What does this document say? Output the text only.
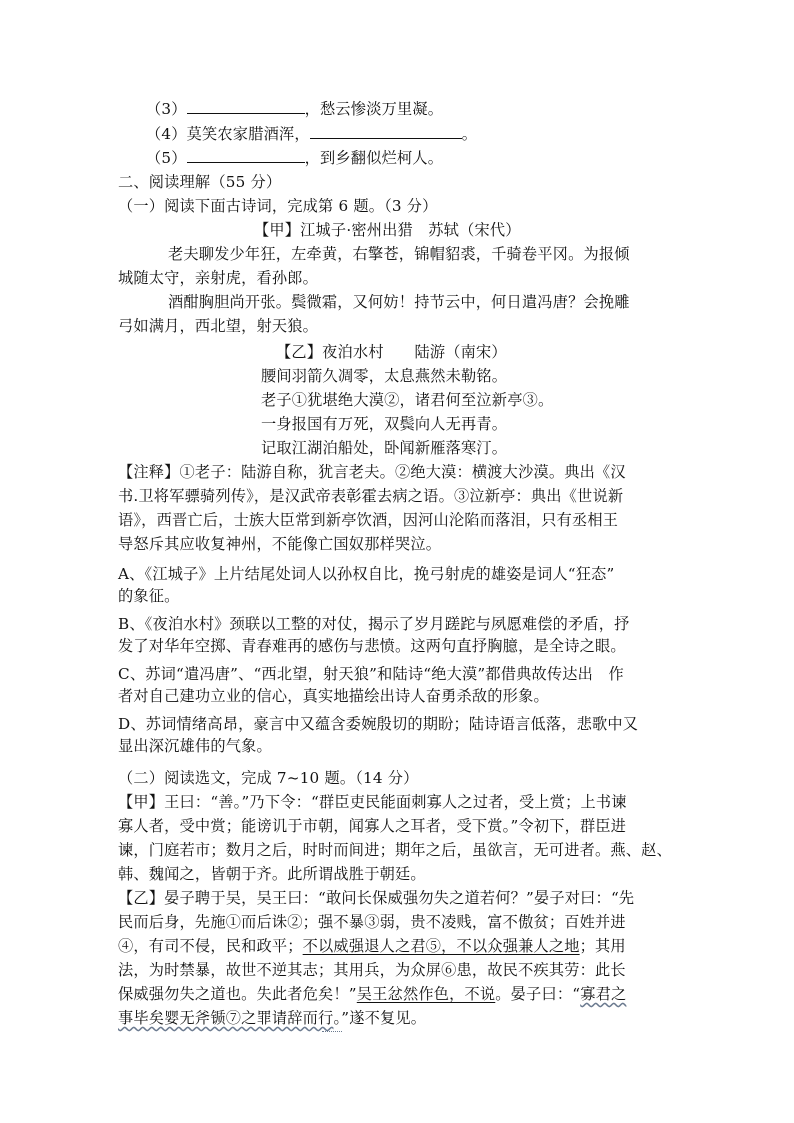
（3）	，愁云惨淡万里凝。
（4）莫笑农家腊酒浑，	。
（5）	，到乡翻似烂柯人。
二、阅读理解（55 分）
（一）阅读下面古诗词，完成第 6 题。（3 分）
【甲】江城子·密州出猎　苏轼（宋代）
老夫聊发少年狂，左牵黄，右擎苍，锦帽貂裘，千骑卷平冈。为报倾
城随太守，亲射虎，看孙郎。
酒酣胸胆尚开张。鬓微霜，又何妨！持节云中，何日遣冯唐？会挽雕
弓如满月，西北望，射天狼。
【乙】夜泊水村　　陆游（南宋）
腰间羽箭久凋零，太息燕然未勒铭。
老子①犹堪绝大漠②，诸君何至泣新亭③。
一身报国有万死，双鬓向人无再青。
记取江湖泊船处，卧闻新雁落寒汀。
【注释】①老子：陆游自称，犹言老夫。②绝大漠：横渡大沙漠。典出《汉
书.卫将军骠骑列传》，是汉武帝表彰霍去病之语。③泣新亭：典出《世说新
语》，西晋亡后，士族大臣常到新亭饮酒，因河山沦陷而落泪，只有丞相王
导怒斥其应收复神州，不能像亡国奴那样哭泣。
A、《江城子》上片结尾处词人以孙权自比，挽弓射虎的雄姿是词人“狂态”
的象征。
B、《夜泊水村》颈联以工整的对仗，揭示了岁月蹉跎与夙愿难偿的矛盾，抒
发了对华年空掷、青春难再的感伤与悲愤。这两句直抒胸臆，是全诗之眼。
C、苏词“遣冯唐”、“西北望，射天狼”和陆诗“绝大漠”都借典故传达出　作
者对自己建功立业的信心，真实地描绘出诗人奋勇杀敌的形象。
D、苏词情绪高昂，豪言中又蕴含委婉殷切的期盼；陆诗语言低落，悲歌中又
显出深沉雄伟的气象。
（二）阅读选文，完成 7~10 题。（14 分）
【甲】王曰：“善。”乃下令：“群臣吏民能面刺寡人之过者，受上赏；上书谏
寡人者，受中赏；能谤讥于市朝，闻寡人之耳者，受下赏。”令初下，群臣进
谏，门庭若市；数月之后，时时而间进；期年之后，虽欲言，无可进者。燕、赵、
韩、魏闻之，皆朝于齐。此所谓战胜于朝廷。
【乙】晏子聘于吴，吴王曰：“敢问长保威强勿失之道若何？”晏子对曰：“先
民而后身，先施①而后诛②；强不暴③弱，贵不凌贱，富不傲贫；百姓并进
④，有司不侵，民和政平；不以威强退人之君⑤，不以众强兼人之地；其用
法，为时禁暴，故世不逆其志；其用兵，为众屏⑥患，故民不疾其劳：此长
保威强勿失之道也。失此者危矣！”吴王忿然作色，不说。晏子曰：“寡君之
事毕矣婴无斧锧⑦之罪请辞而行。”遂不复见。
